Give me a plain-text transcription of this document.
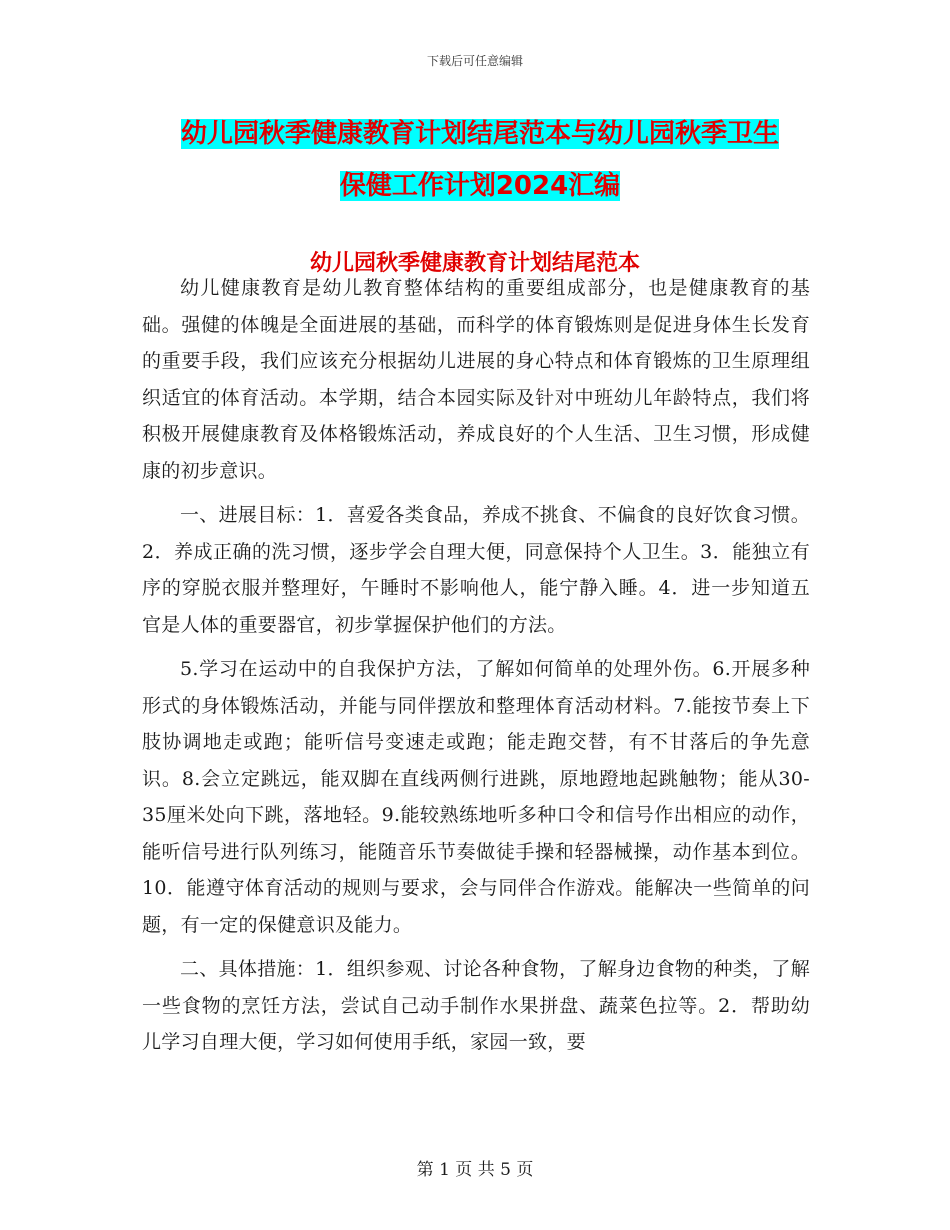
下载后可任意编辑
幼儿园秋季健康教育计划结尾范本与幼儿园秋季卫生
保健工作计划2024汇编
幼儿园秋季健康教育计划结尾范本

幼儿健康教育是幼儿教育整体结构的重要组成部分，也是健康教育的基础。强健的体魄是全面进展的基础，而科学的体育锻炼则是促进身体生长发育的重要手段，我们应该充分根据幼儿进展的身心特点和体育锻炼的卫生原理组织适宜的体育活动。本学期，结合本园实际及针对中班幼儿年龄特点，我们将积极开展健康教育及体格锻炼活动，养成良好的个人生活、卫生习惯，形成健康的初步意识。

一、进展目标：1．喜爱各类食品，养成不挑食、不偏食的良好饮食习惯。2．养成正确的洗习惯，逐步学会自理大便，同意保持个人卫生。3．能独立有序的穿脱衣服并整理好，午睡时不影响他人，能宁静入睡。4．进一步知道五官是人体的重要器官，初步掌握保护他们的方法。

5.学习在运动中的自我保护方法，了解如何简单的处理外伤。6.开展多种形式的身体锻炼活动，并能与同伴摆放和整理体育活动材料。7.能按节奏上下肢协调地走或跑；能听信号变速走或跑；能走跑交替，有不甘落后的争先意识。8.会立定跳远，能双脚在直线两侧行进跳，原地蹬地起跳触物；能从30-35厘米处向下跳，落地轻。9.能较熟练地听多种口令和信号作出相应的动作，能听信号进行队列练习，能随音乐节奏做徒手操和轻器械操，动作基本到位。10．能遵守体育活动的规则与要求，会与同伴合作游戏。能解决一些简单的问题，有一定的保健意识及能力。

二、具体措施：1．组织参观、讨论各种食物，了解身边食物的种类，了解一些食物的烹饪方法，尝试自己动手制作水果拼盘、蔬菜色拉等。2．帮助幼儿学习自理大便，学习如何使用手纸，家园一致，要

第 1 页 共 5 页
